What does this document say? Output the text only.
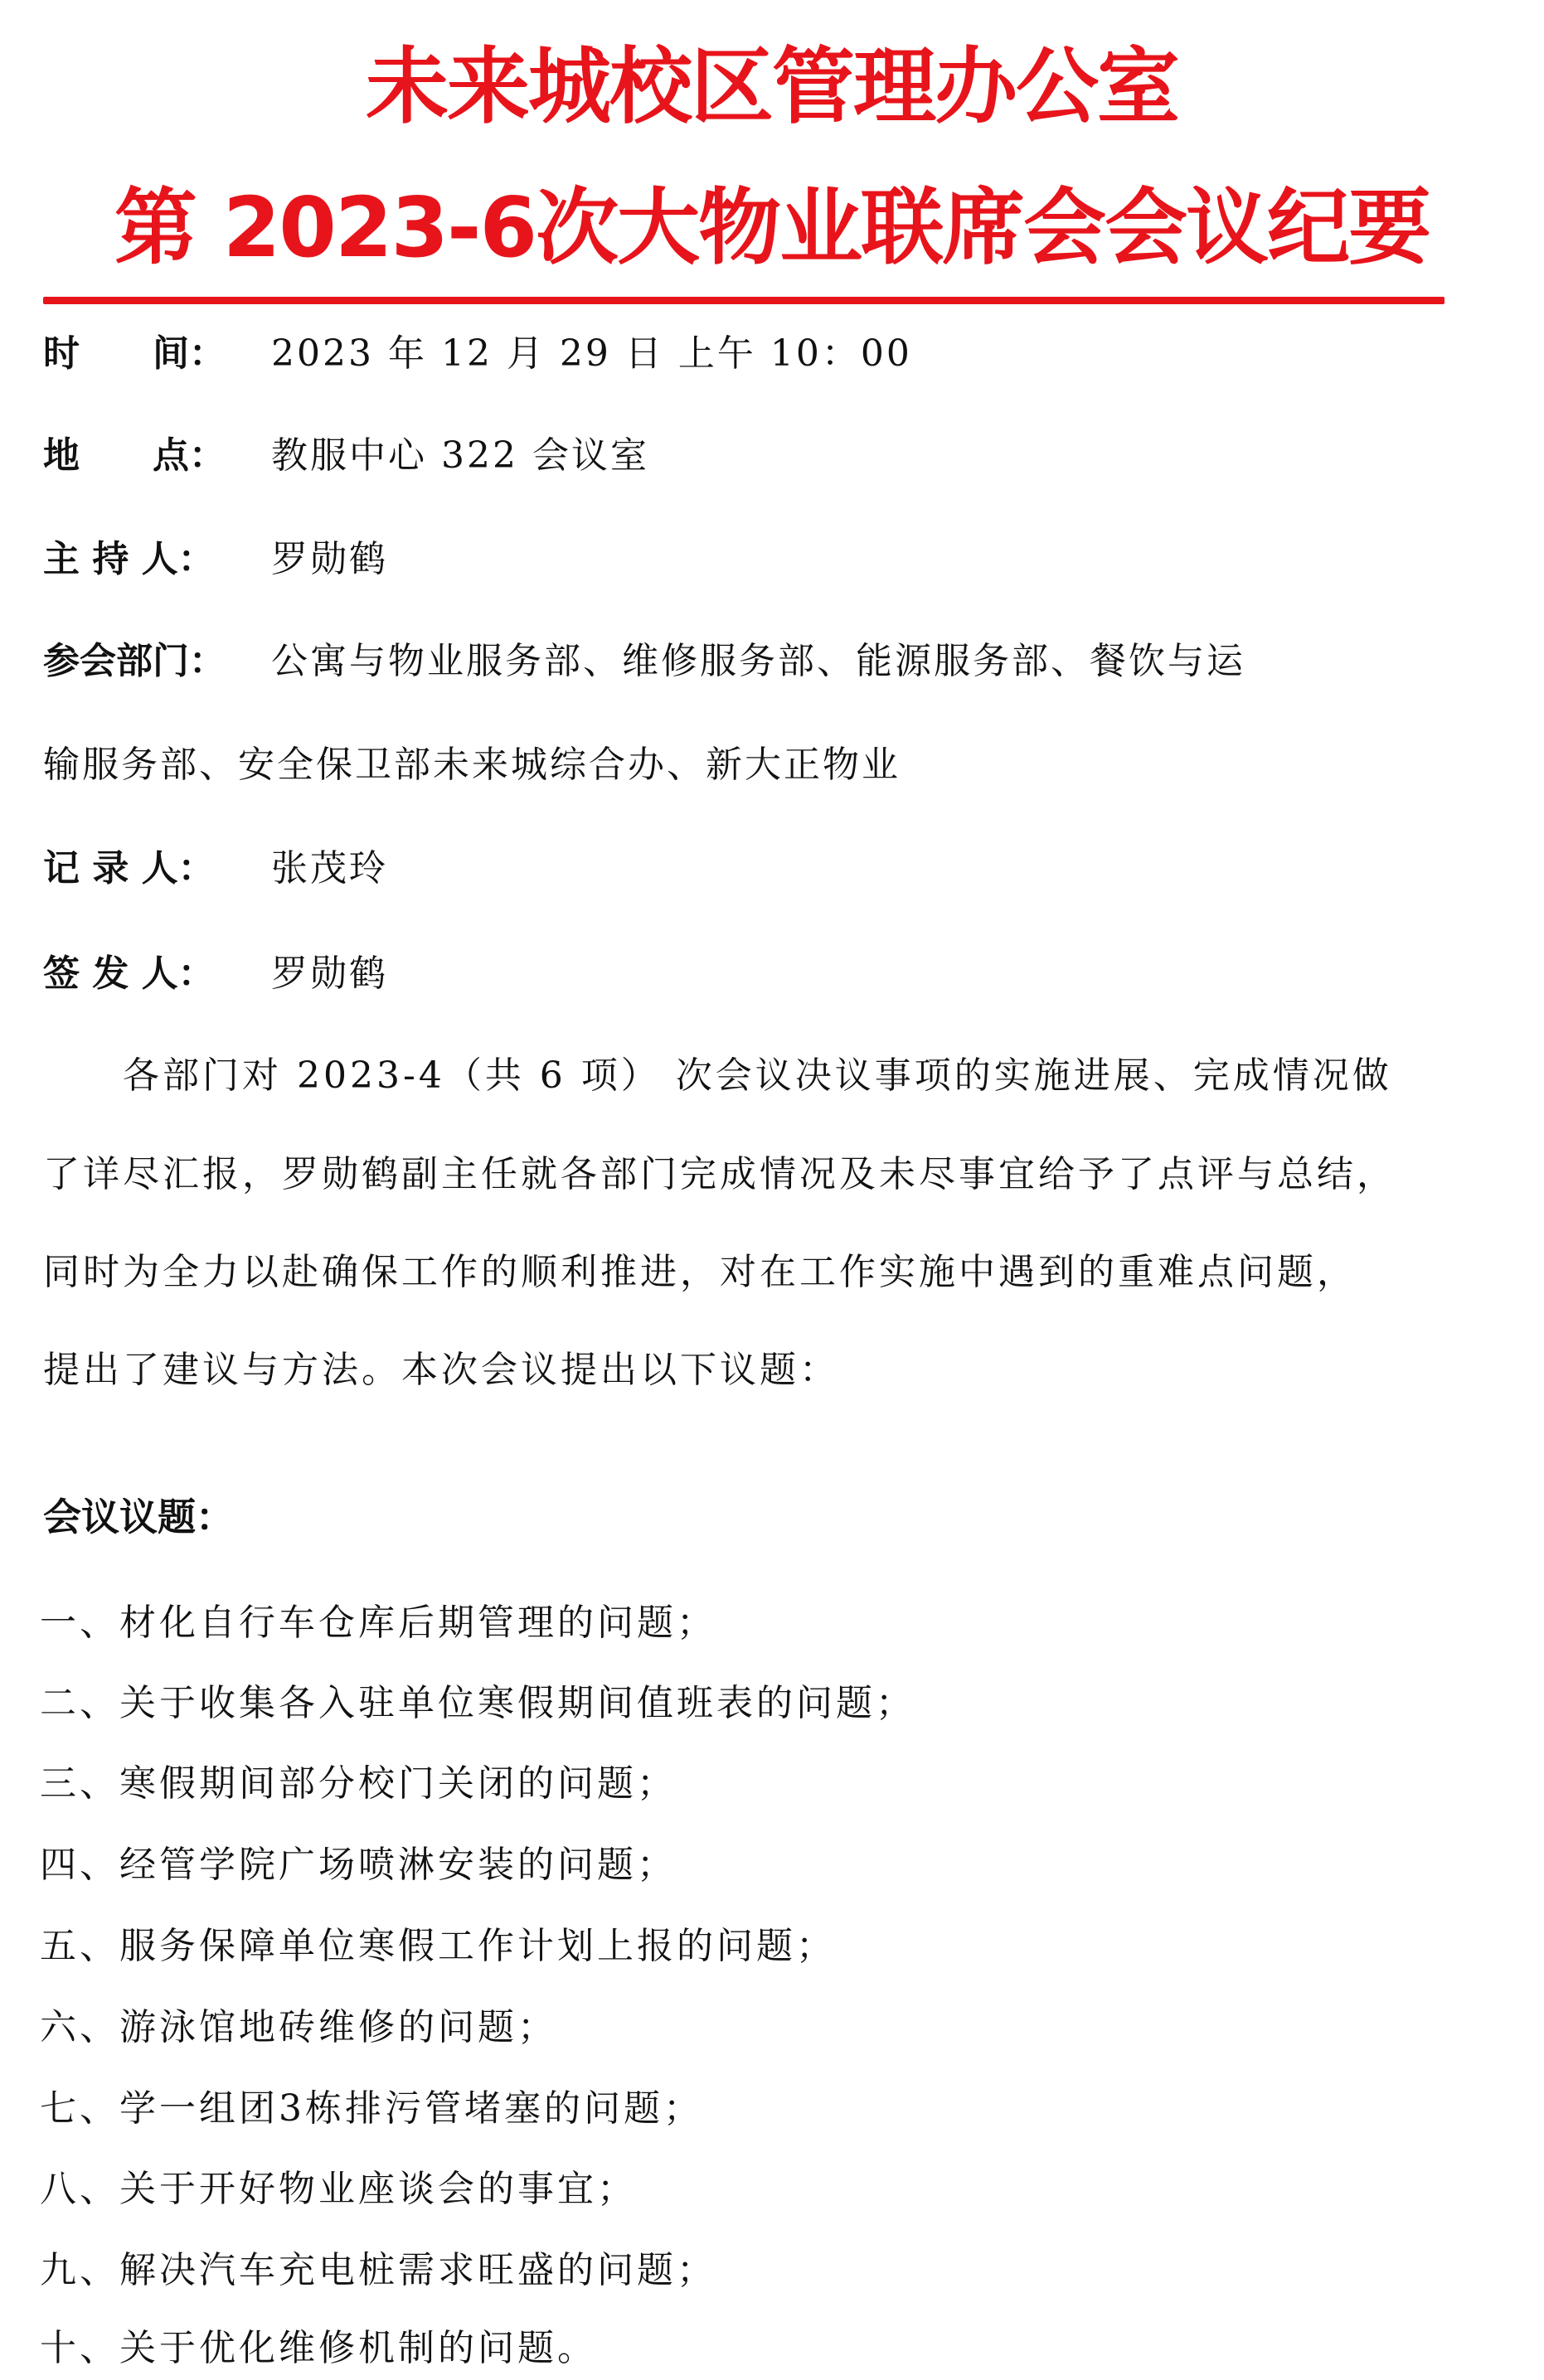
未来城校区管理办公室
第 2023-6次大物业联席会会议纪要
时　　间： 2023 年 12 月 29 日 上午 10：00
地　　点： 教服中心 322 会议室
主 持 人： 罗勋鹤
参会部门： 公寓与物业服务部、维修服务部、能源服务部、餐饮与运
输服务部、安全保卫部未来城综合办、新大正物业
记 录 人： 张茂玲
签 发 人： 罗勋鹤
　　各部门对 2023-4（共 6 项） 次会议决议事项的实施进展、完成情况做
了详尽汇报，罗勋鹤副主任就各部门完成情况及未尽事宜给予了点评与总结，
同时为全力以赴确保工作的顺利推进，对在工作实施中遇到的重难点问题，
提出了建议与方法。本次会议提出以下议题：
会议议题：
一、材化自行车仓库后期管理的问题；
二、关于收集各入驻单位寒假期间值班表的问题；
三、寒假期间部分校门关闭的问题；
四、经管学院广场喷淋安装的问题；
五、服务保障单位寒假工作计划上报的问题；
六、游泳馆地砖维修的问题；
七、学一组团3栋排污管堵塞的问题；
八、关于开好物业座谈会的事宜；
九、解决汽车充电桩需求旺盛的问题；
十、关于优化维修机制的问题。
